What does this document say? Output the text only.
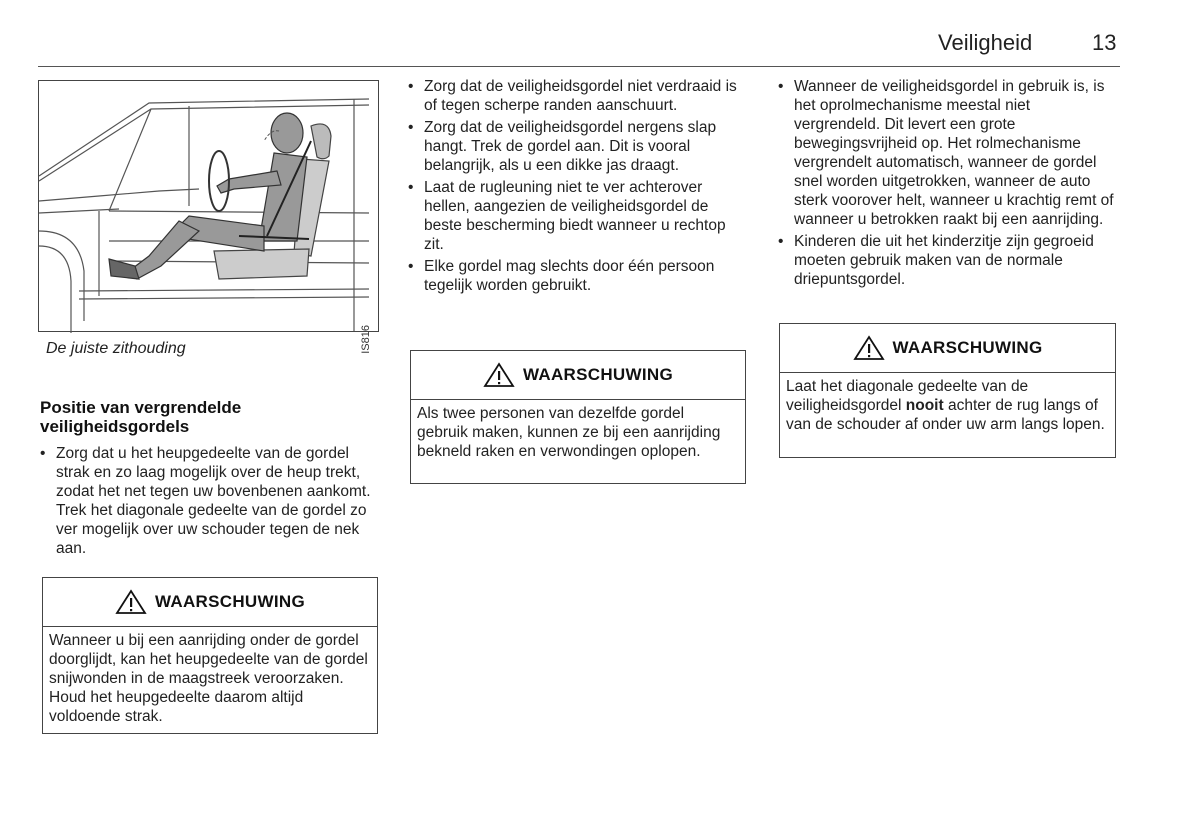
Veiligheid	13
IS816
De juiste zithouding
Positie van vergrendelde veiligheidsgordels
• Zorg dat u het heupgedeelte van de gordel strak en zo laag mogelijk over de heup trekt, zodat het net tegen uw bovenbenen aankomt. Trek het diagonale gedeelte van de gordel zo ver mogelijk over uw schouder tegen de nek aan.
WAARSCHUWING
Wanneer u bij een aanrijding onder de gordel doorglijdt, kan het heupgedeelte van de gordel snijwonden in de maagstreek veroorzaken. Houd het heupgedeelte daarom altijd voldoende strak.
• Zorg dat de veiligheidsgordel niet verdraaid is of tegen scherpe randen aanschuurt.
• Zorg dat de veiligheidsgordel nergens slap hangt. Trek de gordel aan. Dit is vooral belangrijk, als u een dikke jas draagt.
• Laat de rugleuning niet te ver achterover hellen, aangezien de veiligheidsgordel de beste bescherming biedt wanneer u rechtop zit.
• Elke gordel mag slechts door één persoon tegelijk worden gebruikt.
WAARSCHUWING
Als twee personen van dezelfde gordel gebruik maken, kunnen ze bij een aanrijding bekneld raken en verwondingen oplopen.
• Wanneer de veiligheidsgordel in gebruik is, is het oprolmechanisme meestal niet vergrendeld. Dit levert een grote bewegingsvrijheid op. Het rolmechanisme vergrendelt automatisch, wanneer de gordel snel worden uitgetrokken, wanneer de auto sterk voorover helt, wanneer u krachtig remt of wanneer u betrokken raakt bij een aanrijding.
• Kinderen die uit het kinderzitje zijn gegroeid moeten gebruik maken van de normale driepuntsgordel.
WAARSCHUWING
Laat het diagonale gedeelte van de veiligheidsgordel nooit achter de rug langs of van de schouder af onder uw arm langs lopen.
